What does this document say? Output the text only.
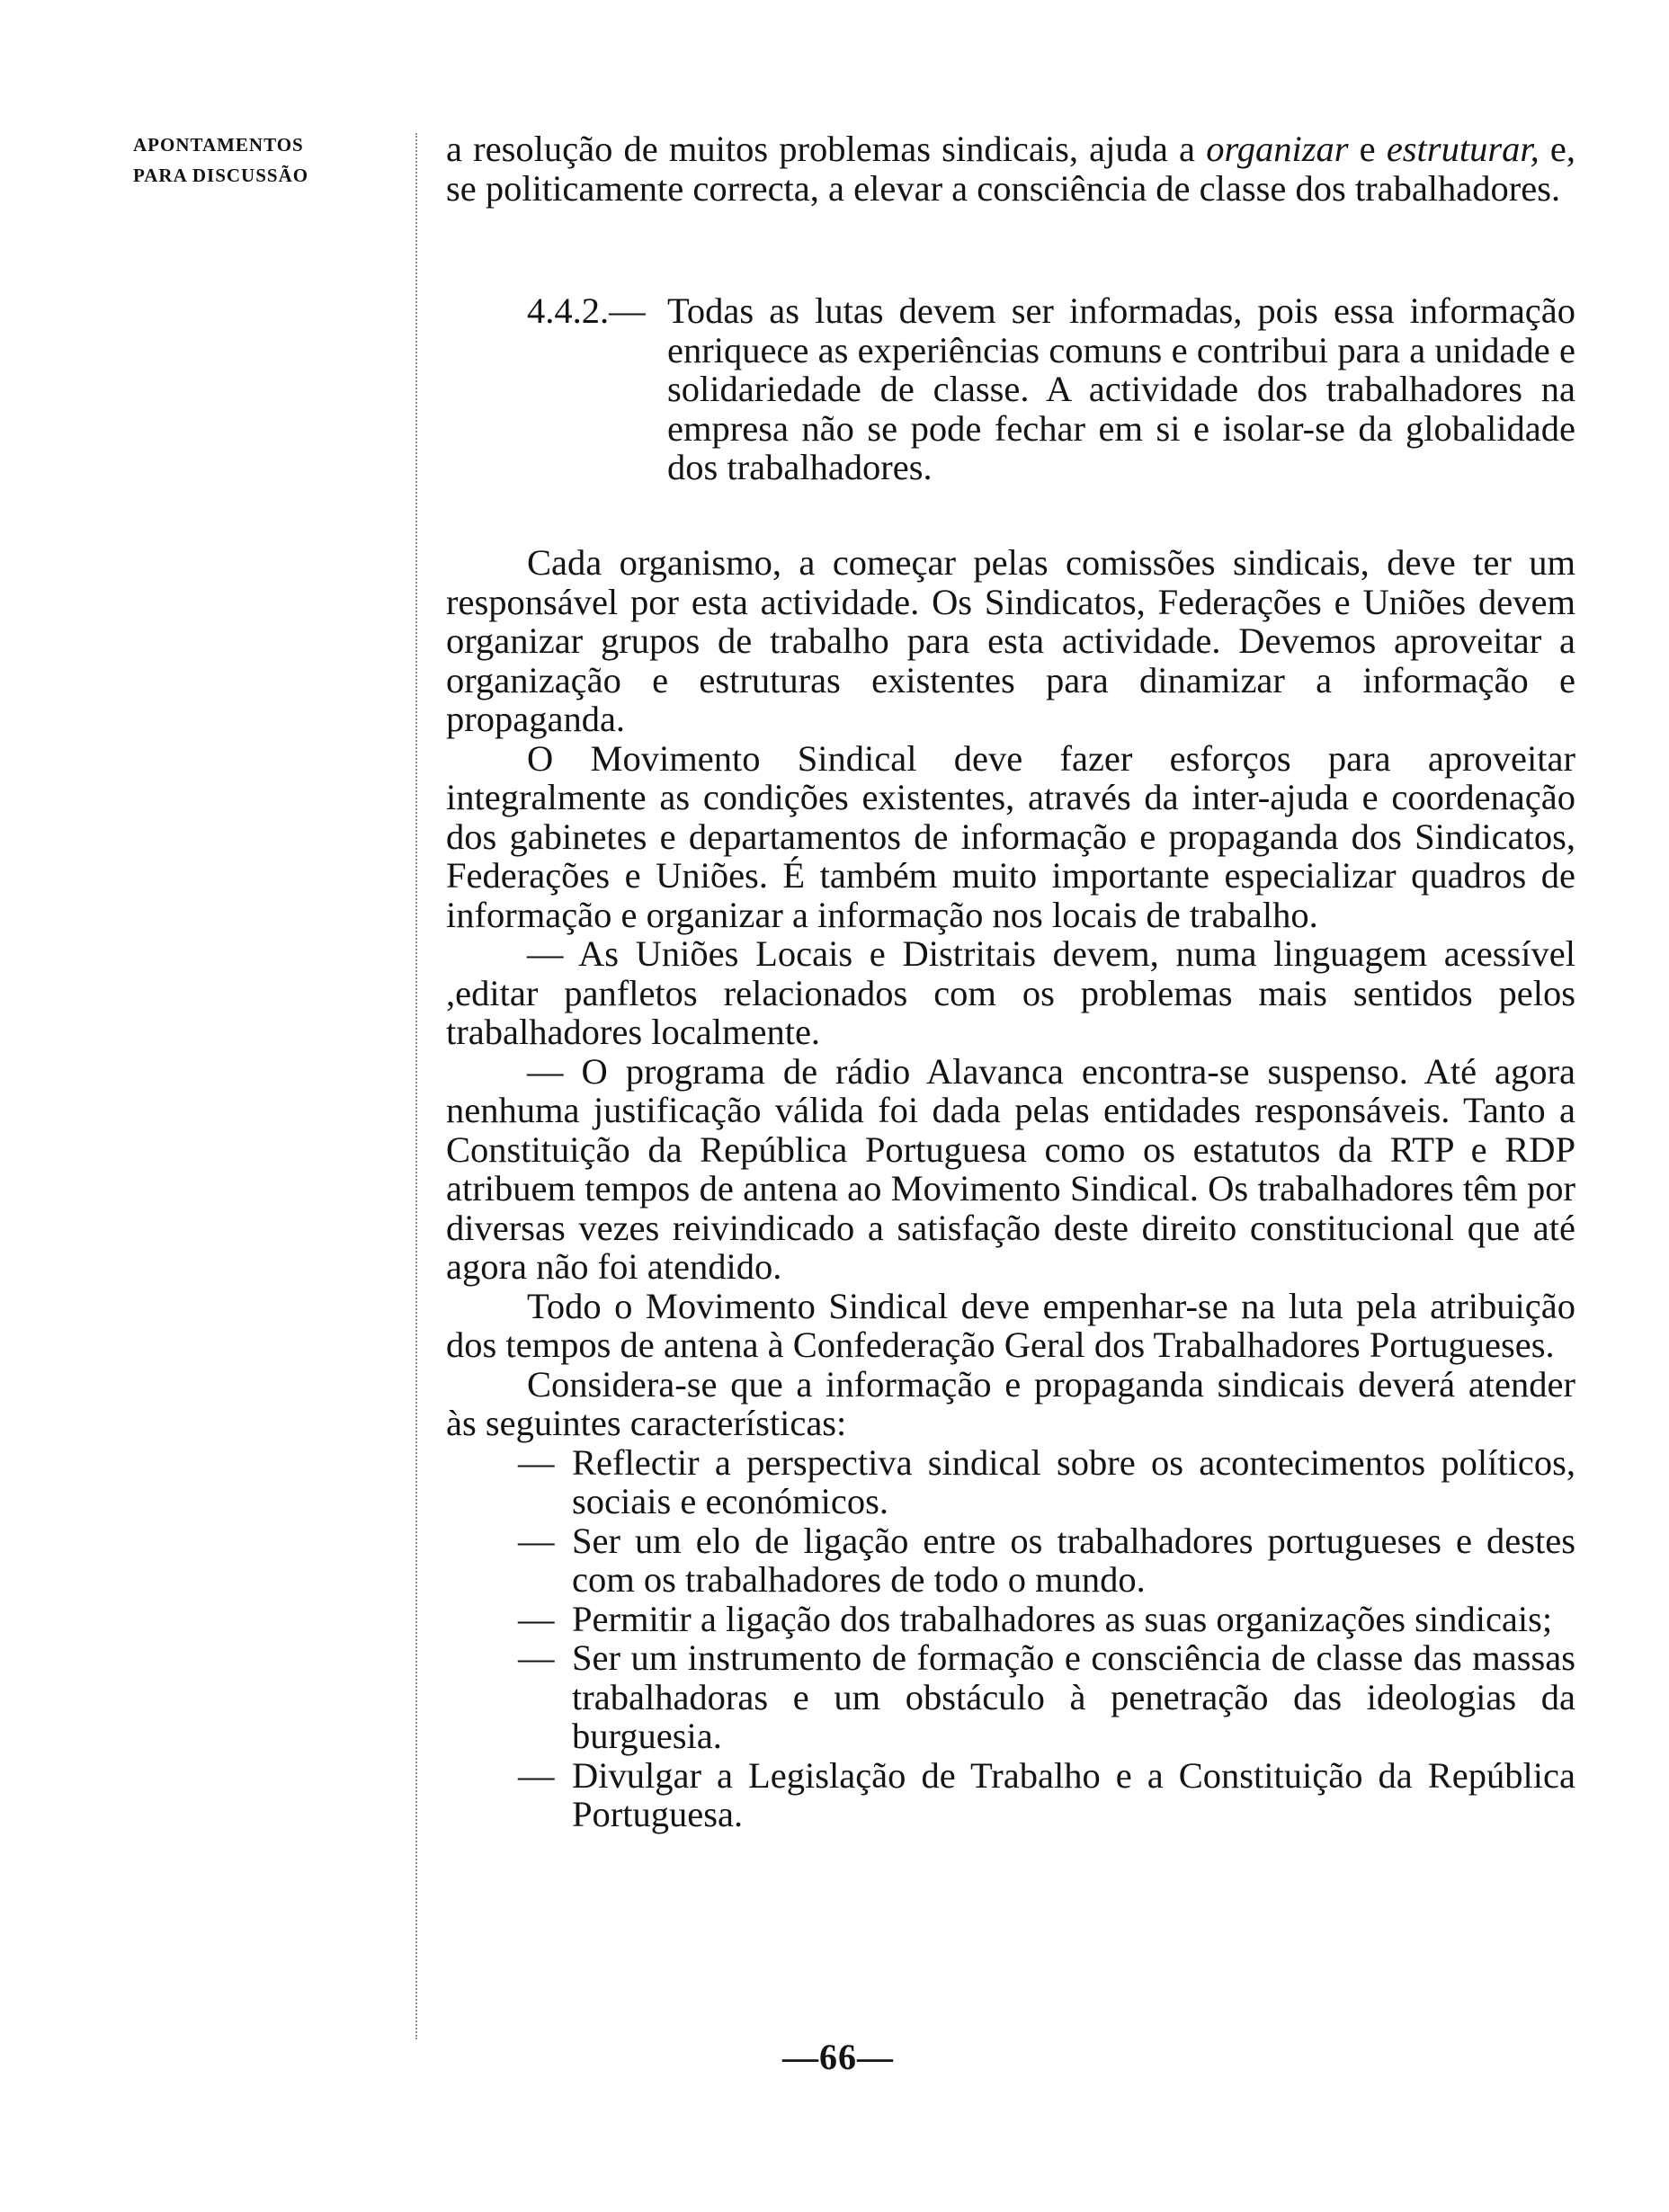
APONTAMENTOS
PARA DISCUSSÃO
a resolução de muitos problemas sindicais, ajuda a organizar e estruturar, e, se politicamente correcta, a elevar a consciência de classe dos trabalhadores.
4.4.2.— Todas as lutas devem ser informadas, pois essa informação enriquece as experiências comuns e contribui para a unidade e solidariedade de classe. A actividade dos trabalhadores na empresa não se pode fechar em si e isolar-se da globalidade dos trabalhadores.

Cada organismo, a começar pelas comissões sindicais, deve ter um responsável por esta actividade. Os Sindicatos, Federações e Uniões devem organizar grupos de trabalho para esta actividade. Devemos aproveitar a organização e estruturas existentes para dinamizar a informação e propaganda.

O Movimento Sindical deve fazer esforços para aproveitar integralmente as condições existentes, através da inter-ajuda e coordenação dos gabinetes e departamentos de informação e propaganda dos Sindicatos, Federações e Uniões. É também muito importante especializar quadros de informação e organizar a informação nos locais de trabalho.

— As Uniões Locais e Distritais devem, numa linguagem acessível ,editar panfletos relacionados com os problemas mais sentidos pelos trabalhadores localmente.

— O programa de rádio Alavanca encontra-se suspenso. Até agora nenhuma justificação válida foi dada pelas entidades responsáveis. Tanto a Constituição da República Portuguesa como os estatutos da RTP e RDP atribuem tempos de antena ao Movimento Sindical. Os trabalhadores têm por diversas vezes reivindicado a satisfação deste direito constitucional que até agora não foi atendido.

Todo o Movimento Sindical deve empenhar-se na luta pela atribuição dos tempos de antena à Confederação Geral dos Trabalhadores Portugueses.

Considera-se que a informação e propaganda sindicais deverá atender às seguintes características:

— Reflectir a perspectiva sindical sobre os acontecimentos políticos, sociais e económicos.
— Ser um elo de ligação entre os trabalhadores portugueses e destes com os trabalhadores de todo o mundo.
— Permitir a ligação dos trabalhadores as suas organizações sindicais;
— Ser um instrumento de formação e consciência de classe das massas trabalhadoras e um obstáculo à penetração das ideologias da burguesia.
— Divulgar a Legislação de Trabalho e a Constituição da República Portuguesa.
—66—
